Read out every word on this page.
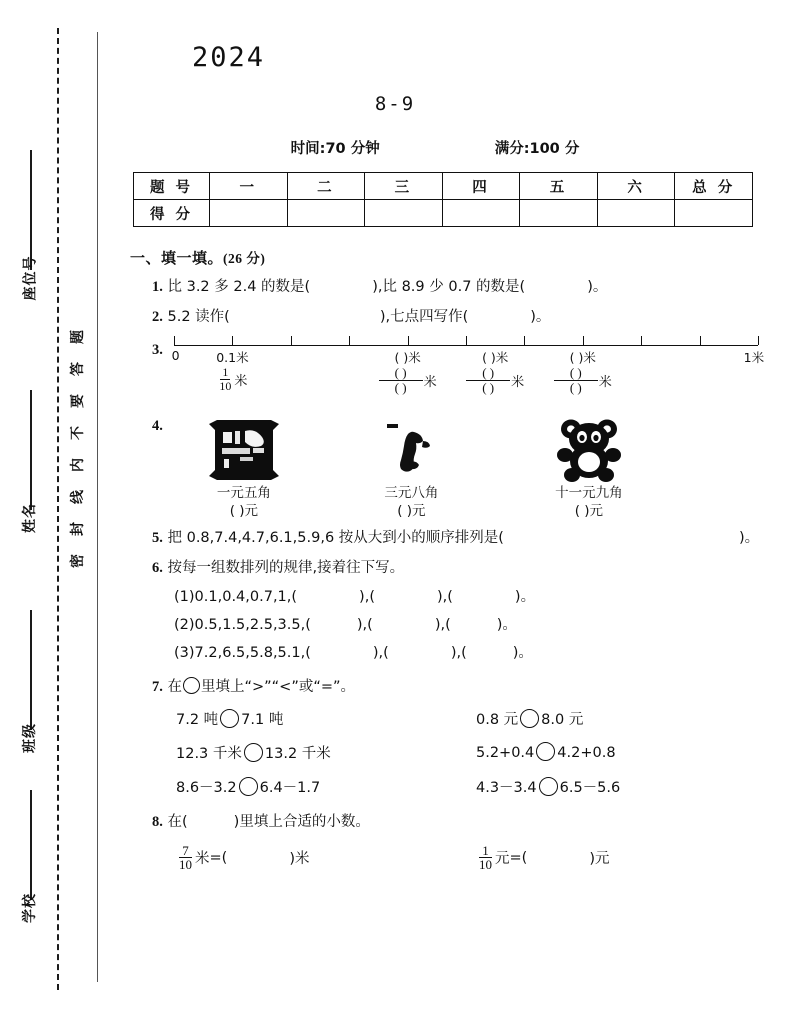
座位号
姓名
班级
学校
题
答
要
不
内
线
封
密
2024
8-9
时间:70 分钟	满分:100 分
题 号	一	二	三	四	五	六	总 分
得 分							
一、填一填。(26 分)
1. 比 3.2 多 2.4 的数是(	),比 8.9 少 0.7 的数是(	)。
2. 5.2 读作(	),七点四写作(	)。
3. 0	0.1米	( )米	( )米	( )米	1米
$\frac{1}{10}$ 米	$\frac{( )}{( )}$ 米 $\frac{( )}{( )}$ 米 $\frac{( )}{( )}$ 米
4.
一元五角
( )元
三元八角
( )元
十一元九角
( )元
5. 把 0.8,7.4,4.7,6.1,5.9,6 按从大到小的顺序排列是(	)。
6. 按每一组数排列的规律,接着往下写。
(1)0.1,0.4,0.7,1,(	),(	),(	)。
(2)0.5,1.5,2.5,3.5,(	),(	),(	)。
(3)7.2,6.5,5.8,5.1,(	),(	),(	)。
7. 在 里填上“>”“<”或“=”。
7.2 吨 7.1 吨	0.8 元 8.0 元
12.3 千米 13.2 千米	5.2+0.4 4.2+0.8
8.6－3.2 6.4－1.7	4.3－3.4 6.5－5.6
8. 在(	)里填上合适的小数。
$\frac{7}{10}$ 米 =(	)米	$\frac{1}{10}$ 元 =(	)元
